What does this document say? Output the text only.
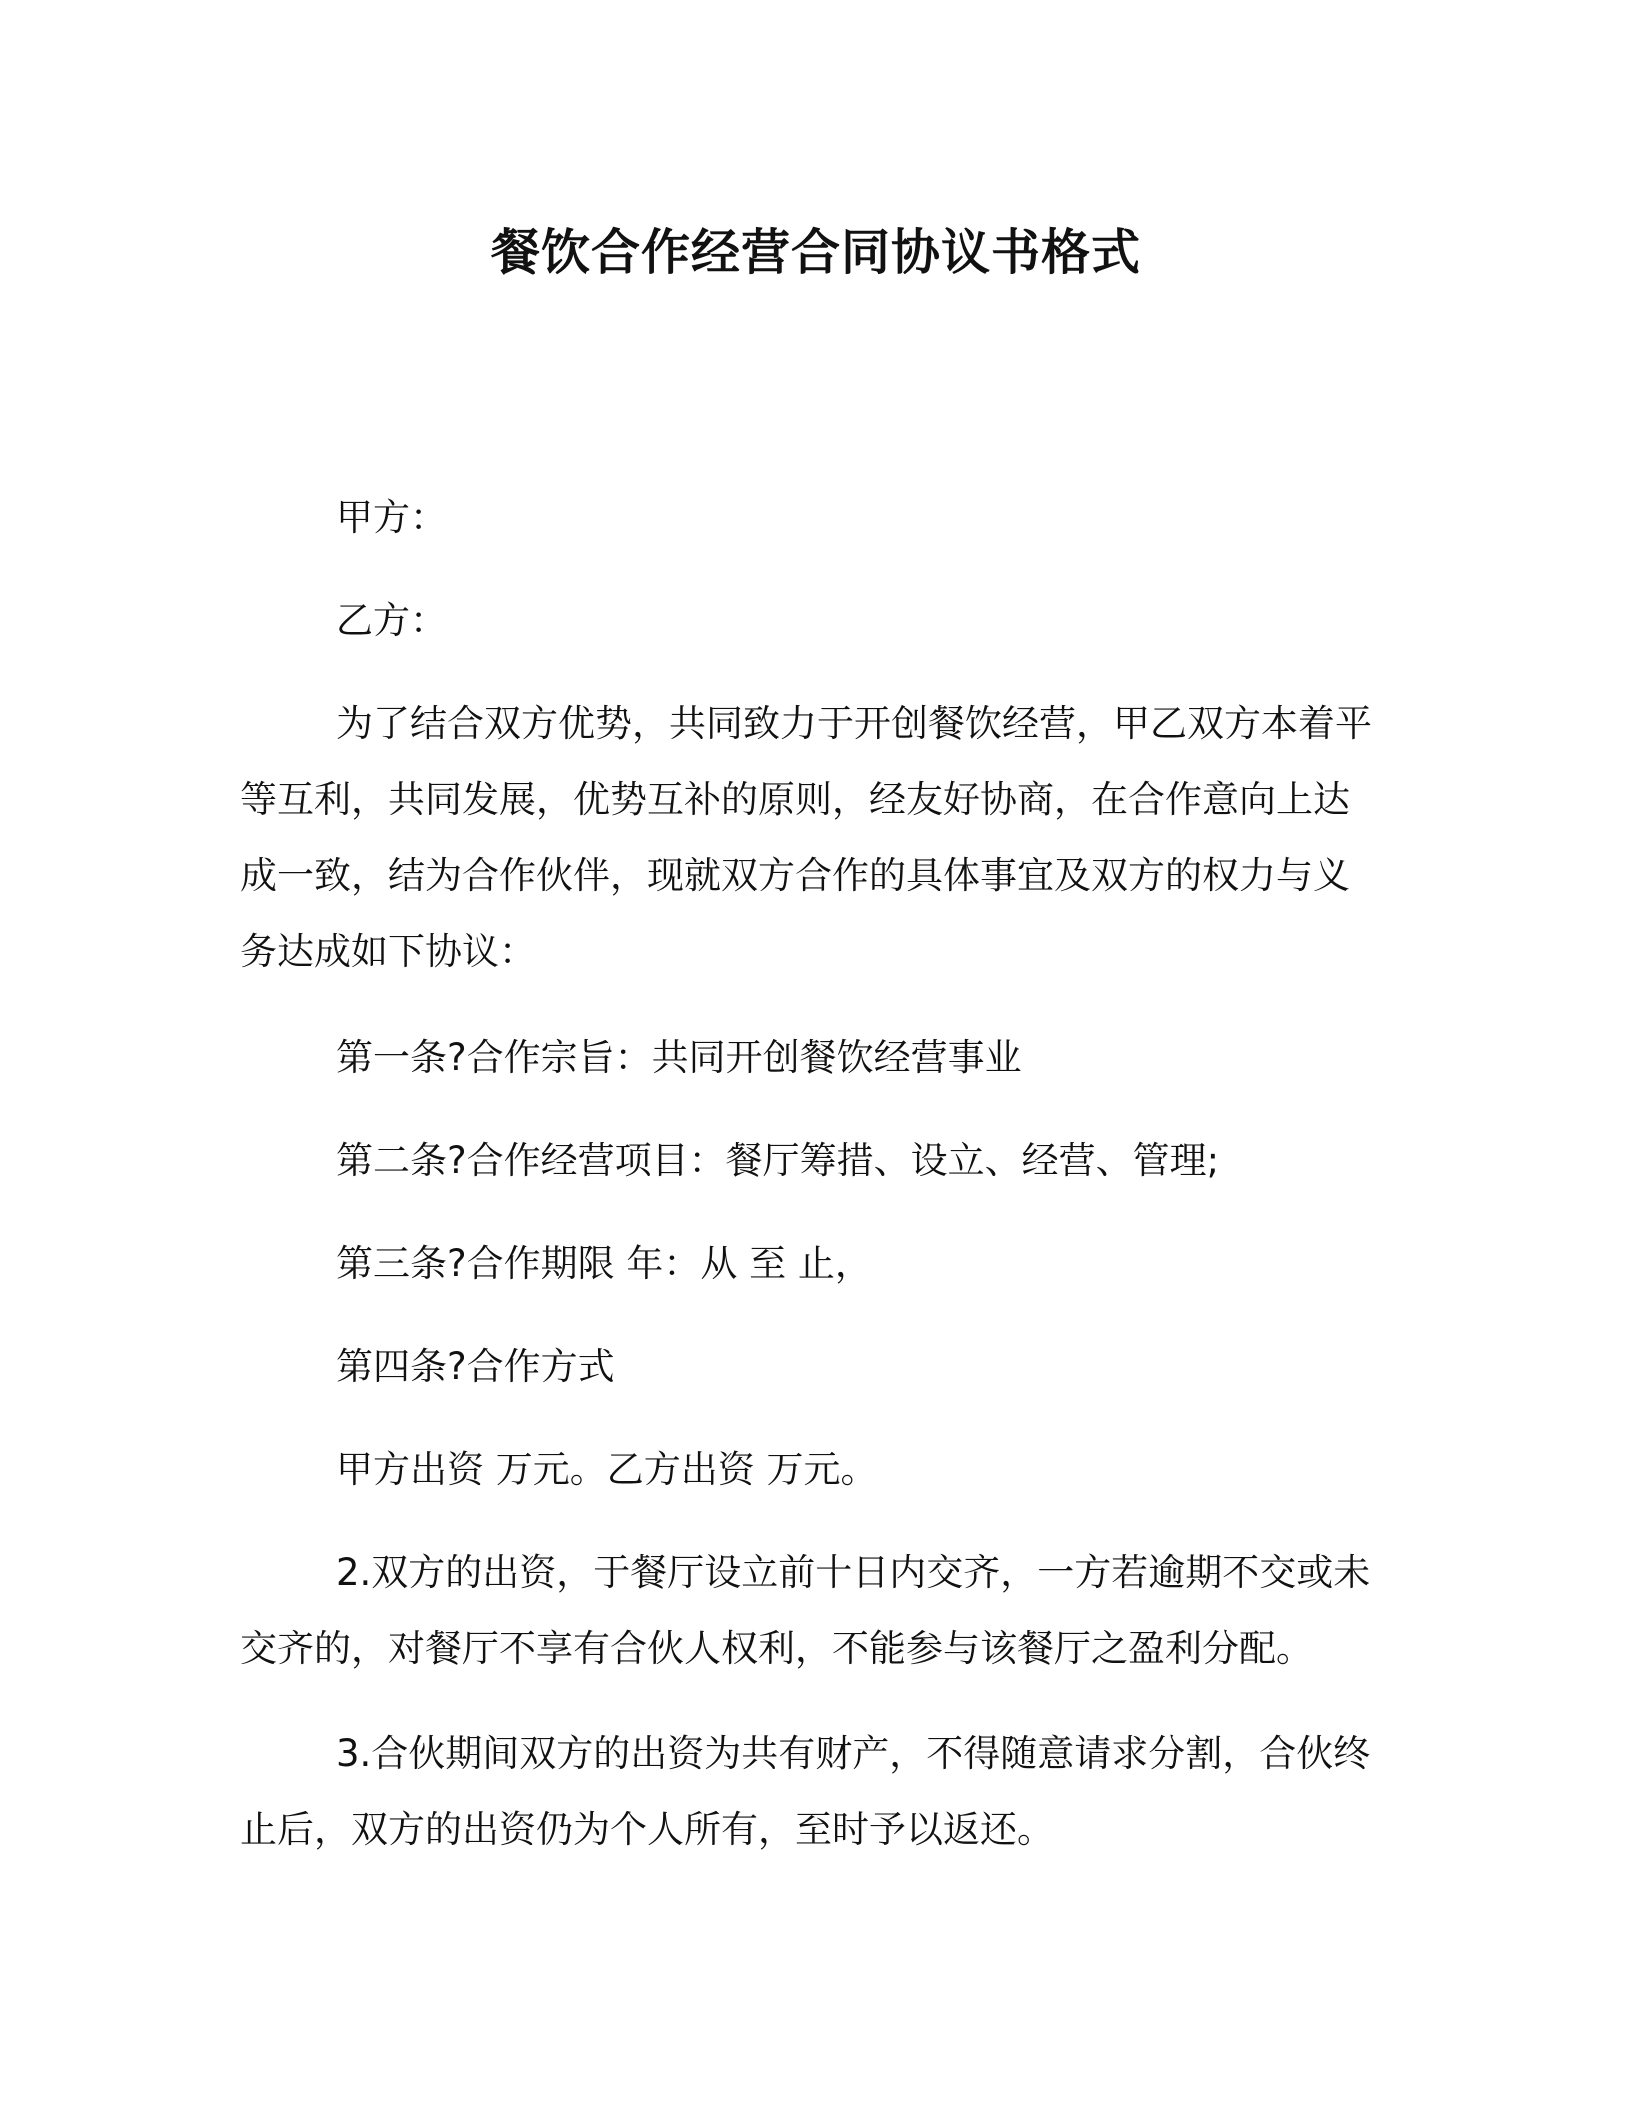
餐饮合作经营合同协议书格式

甲方：

乙方：

为了结合双方优势，共同致力于开创餐饮经营，甲乙双方本着平
等互利，共同发展，优势互补的原则，经友好协商，在合作意向上达
成一致，结为合作伙伴，现就双方合作的具体事宜及双方的权力与义
务达成如下协议：

第一条?合作宗旨：共同开创餐饮经营事业

第二条?合作经营项目：餐厅筹措、设立、经营、管理;

第三条?合作期限 年：从 至 止，

第四条?合作方式

甲方出资 万元。乙方出资 万元。

2.双方的出资，于餐厅设立前十日内交齐，一方若逾期不交或未
交齐的，对餐厅不享有合伙人权利，不能参与该餐厅之盈利分配。
3.合伙期间双方的出资为共有财产，不得随意请求分割，合伙终
止后，双方的出资仍为个人所有，至时予以返还。
